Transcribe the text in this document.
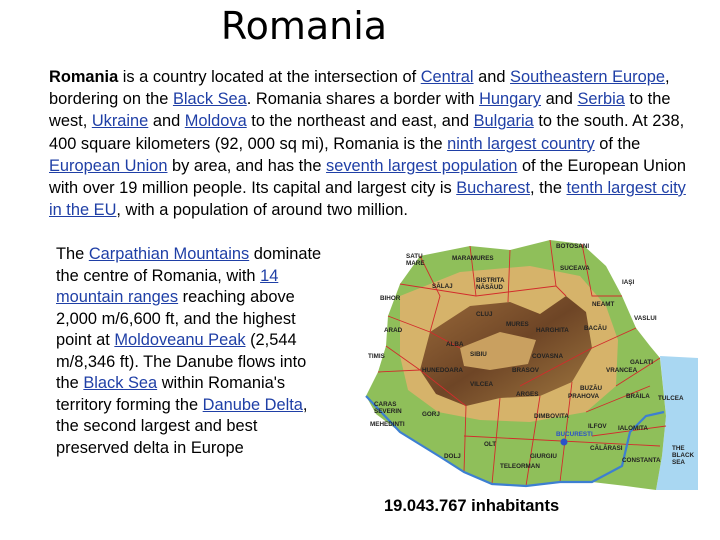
Romania
Romania is a country located at the intersection of Central and Southeastern Europe, bordering on the Black Sea. Romania shares a border with Hungary and Serbia to the west, Ukraine and Moldova to the northeast and east, and Bulgaria to the south. At 238, 400 square kilometers (92, 000 sq mi), Romania is the ninth largest country of the European Union by area, and has the seventh largest population of the European Union with over 19 million people. Its capital and largest city is Bucharest, the tenth largest city in the EU, with a population of around two million.
The Carpathian Mountains dominate the centre of Romania, with 14 mountain ranges reaching above 2,000 m/6,600 ft, and the highest point at Moldoveanu Peak (2,544 m/8,346 ft). The Danube flows into the Black Sea within Romania's territory forming the Danube Delta, the second largest and best preserved delta in Europe
BOTOSANI
SATU MARE
MARAMURES
SUCEAVA
SĂLAJ
BISTRITA NĂSĂUD
IAŞI
BIHOR
NEAMT
CLUJ
MURES
HARGHITA BACĂU
VASLUI
ARAD
ALBA
TIMIS	SIBIU	COVASNA
GALATI
HUNEDOARA	BRASOV	VRANCEA
VILCEA
BUZĂU
CARAS SEVERIN
ARGES	PRAHOVA	BRĂILA TULCEA
GORJ	DIMBOVITA
MEHEDINTI	ILFOV
BUCURESTI
IALOMITA
OLT
CĂLĂRASI
DOLJ	GIURGIU
CONSTANTA
TELEORMAN
THE BLACK SEA
19.043.767 inhabitants
